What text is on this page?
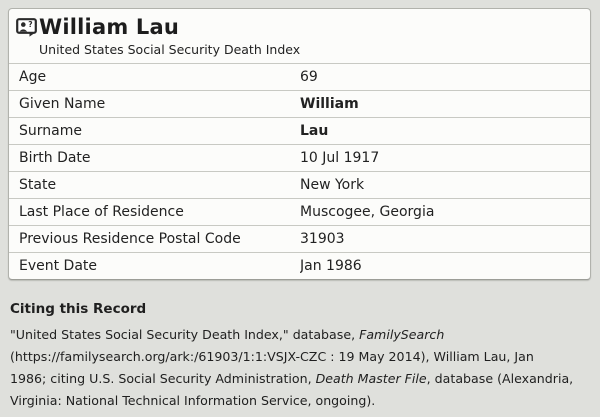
? William Lau
United States Social Security Death Index
Age	69
Given Name	William
Surname	Lau
Birth Date	10 Jul 1917
State	New York
Last Place of Residence	Muscogee, Georgia
Previous Residence Postal Code	31903
Event Date	Jan 1986
Citing this Record
"United States Social Security Death Index," database, FamilySearch
(https://familysearch.org/ark:/61903/1:1:VSJX-CZC : 19 May 2014), William Lau, Jan
1986; citing U.S. Social Security Administration, Death Master File, database (Alexandria,
Virginia: National Technical Information Service, ongoing).
